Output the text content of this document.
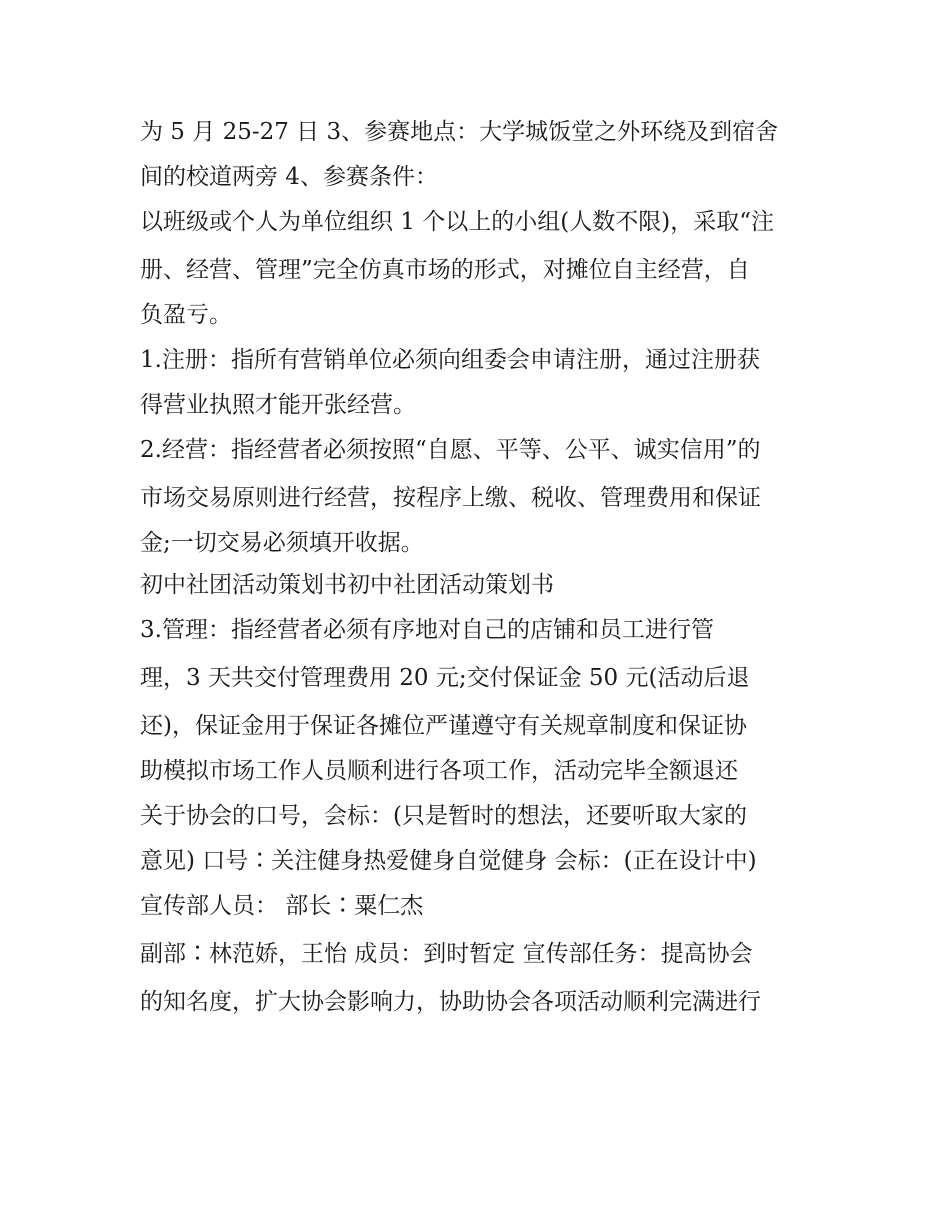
为 5 月 25-27 日 3、参赛地点：大学城饭堂之外环绕及到宿舍
间的校道两旁 4、参赛条件：
以班级或个人为单位组织 1 个以上的小组(人数不限)，采取“注
册、经营、管理”完全仿真市场的形式，对摊位自主经营，自
负盈亏。
1.注册：指所有营销单位必须向组委会申请注册，通过注册获
得营业执照才能开张经营。
2.经营：指经营者必须按照“自愿、平等、公平、诚实信用”的
市场交易原则进行经营，按程序上缴、税收、管理费用和保证
金;一切交易必须填开收据。
初中社团活动策划书初中社团活动策划书
3.管理：指经营者必须有序地对自己的店铺和员工进行管
理，3 天共交付管理费用 20 元;交付保证金 50 元(活动后退
还)，保证金用于保证各摊位严谨遵守有关规章制度和保证协
助模拟市场工作人员顺利进行各项工作，活动完毕全额退还
关于协会的口号，会标：(只是暂时的想法，还要听取大家的
意见) 口号∶关注健身热爱健身自觉健身 会标：(正在设计中)
宣传部人员： 部长∶粟仁杰
副部∶林范娇，王怡 成员：到时暂定 宣传部任务：提高协会
的知名度，扩大协会影响力，协助协会各项活动顺利完满进行
